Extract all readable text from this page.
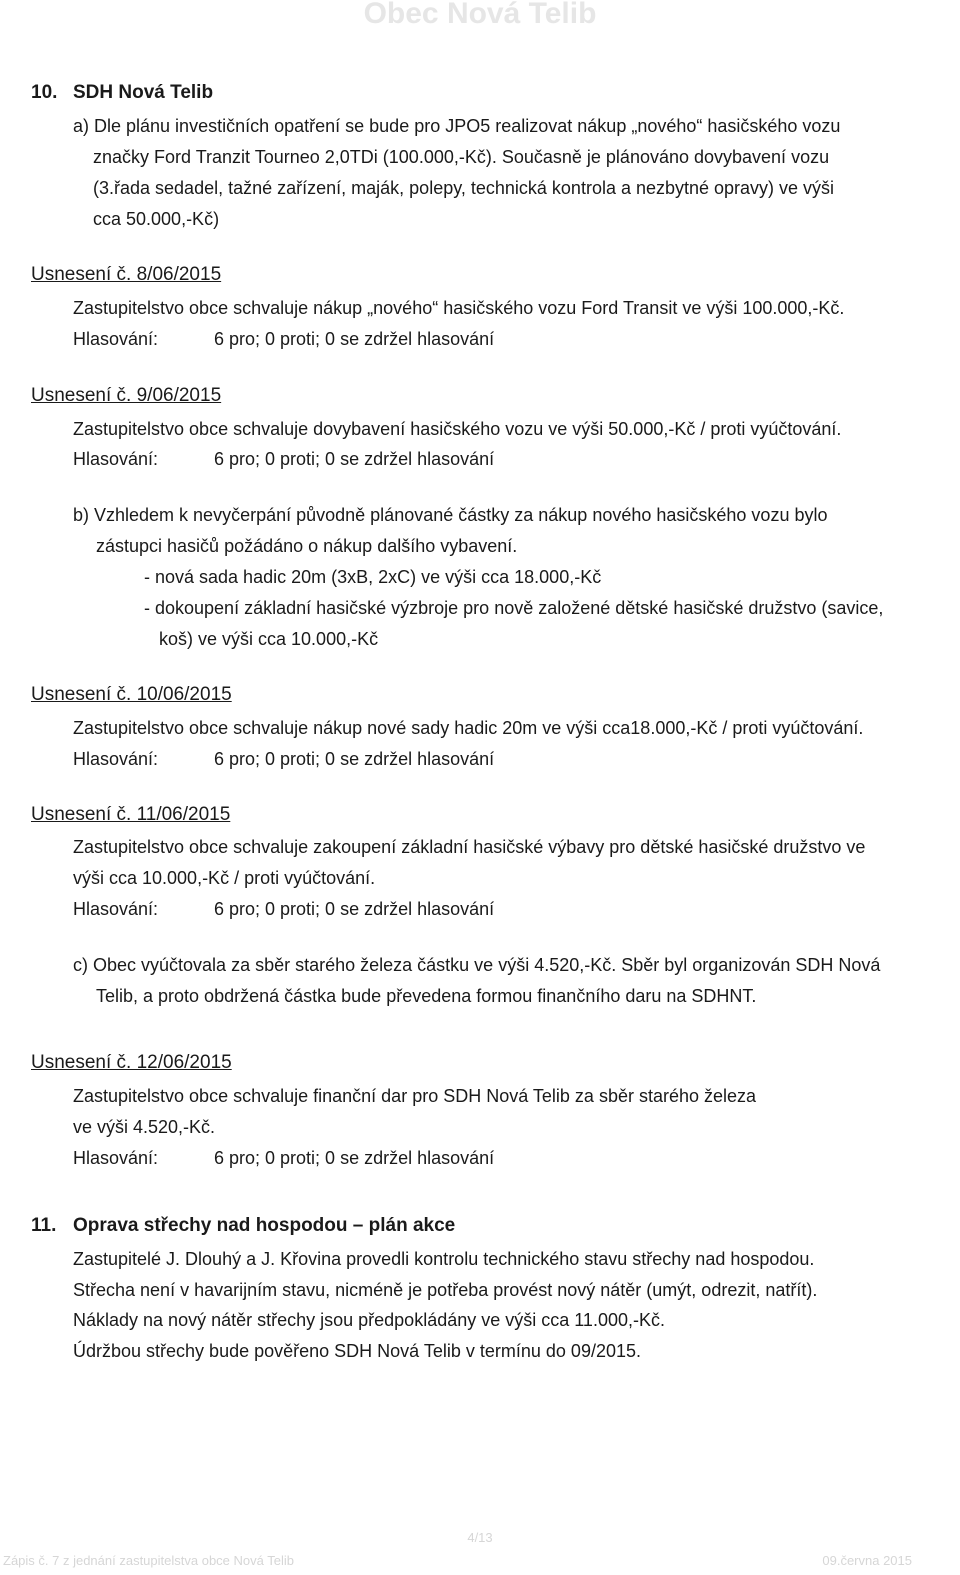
Obec Nová Telib
10. SDH Nová Telib
a) Dle plánu investičních opatření se bude pro JPO5 realizovat nákup „nového“ hasičského vozu
značky Ford Tranzit Tourneo 2,0TDi (100.000,-Kč). Současně je plánováno dovybavení vozu
(3.řada sedadel, tažné zařízení, maják, polepy, technická kontrola a nezbytné opravy) ve výši
cca 50.000,-Kč)
Usnesení č. 8/06/2015
Zastupitelstvo obce schvaluje nákup „nového“ hasičského vozu Ford Transit ve výši 100.000,-Kč.
Hlasování:	6 pro; 0 proti; 0 se zdržel hlasování
Usnesení č. 9/06/2015
Zastupitelstvo obce schvaluje dovybavení hasičského vozu ve výši 50.000,-Kč / proti vyúčtování.
Hlasování:	6 pro; 0 proti; 0 se zdržel hlasování
b) Vzhledem k nevyčerpání původně plánované částky za nákup nového hasičského vozu bylo
zástupci hasičů požádáno o nákup dalšího vybavení.
- nová sada hadic 20m (3xB, 2xC) ve výši cca 18.000,-Kč
- dokoupení základní hasičské výzbroje pro nově založené dětské hasičské družstvo (savice,
koš) ve výši cca 10.000,-Kč
Usnesení č. 10/06/2015
Zastupitelstvo obce schvaluje nákup nové sady hadic 20m ve výši cca18.000,-Kč / proti vyúčtování.
Hlasování:	6 pro; 0 proti; 0 se zdržel hlasování
Usnesení č. 11/06/2015
Zastupitelstvo obce schvaluje zakoupení základní hasičské výbavy pro dětské hasičské družstvo ve
výši cca 10.000,-Kč / proti vyúčtování.
Hlasování:	6 pro; 0 proti; 0 se zdržel hlasování
c) Obec vyúčtovala za sběr starého železa částku ve výši 4.520,-Kč. Sběr byl organizován SDH Nová
Telib, a proto obdržená částka bude převedena formou finančního daru na SDHNT.
Usnesení č. 12/06/2015
Zastupitelstvo obce schvaluje finanční dar pro SDH Nová Telib za sběr starého železa
ve výši 4.520,-Kč.
Hlasování:	6 pro; 0 proti; 0 se zdržel hlasování
11. Oprava střechy nad hospodou – plán akce
Zastupitelé J. Dlouhý a J. Křovina provedli kontrolu technického stavu střechy nad hospodou.
Střecha není v havarijním stavu, nicméně je potřeba provést nový nátěr (umýt, odrezit, natřít).
Náklady na nový nátěr střechy jsou předpokládány ve výši cca 11.000,-Kč.
Údržbou střechy bude pověřeno SDH Nová Telib v termínu do 09/2015.
4/13
Zápis č. 7 z jednání zastupitelstva obce Nová Telib	09.června 2015
